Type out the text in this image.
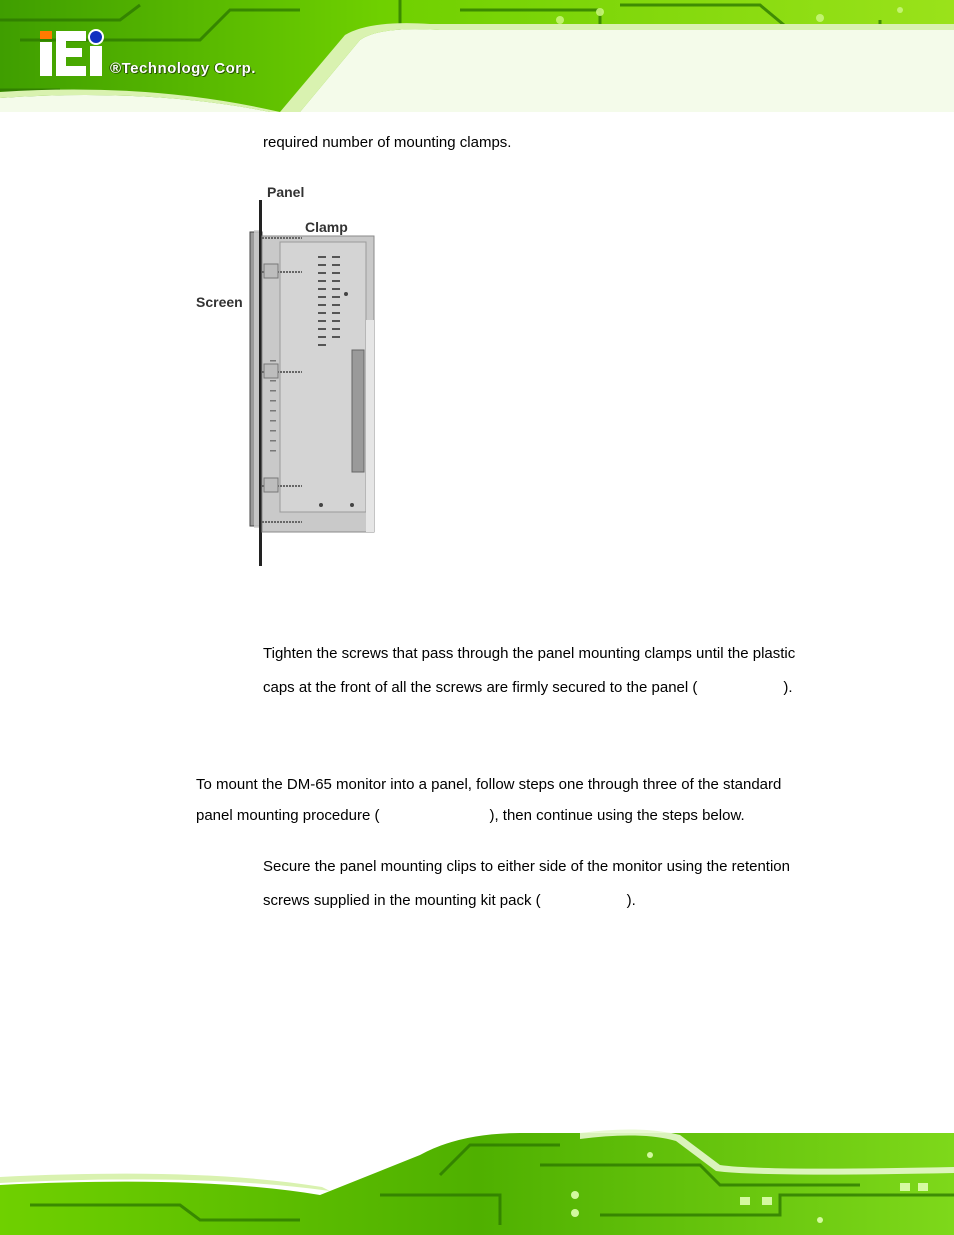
®Technology Corp.
required number of mounting clamps.
Panel
Clamp
Screen
Tighten the screws that pass through the panel mounting clamps until the plastic
caps at the front of all the screws are firmly secured to the panel (	).
To mount the DM-65 monitor into a panel, follow steps one through three of the standard
panel mounting procedure (	), then continue using the steps below.
Secure the panel mounting clips to either side of the monitor using the retention
screws supplied in the mounting kit pack (	).
